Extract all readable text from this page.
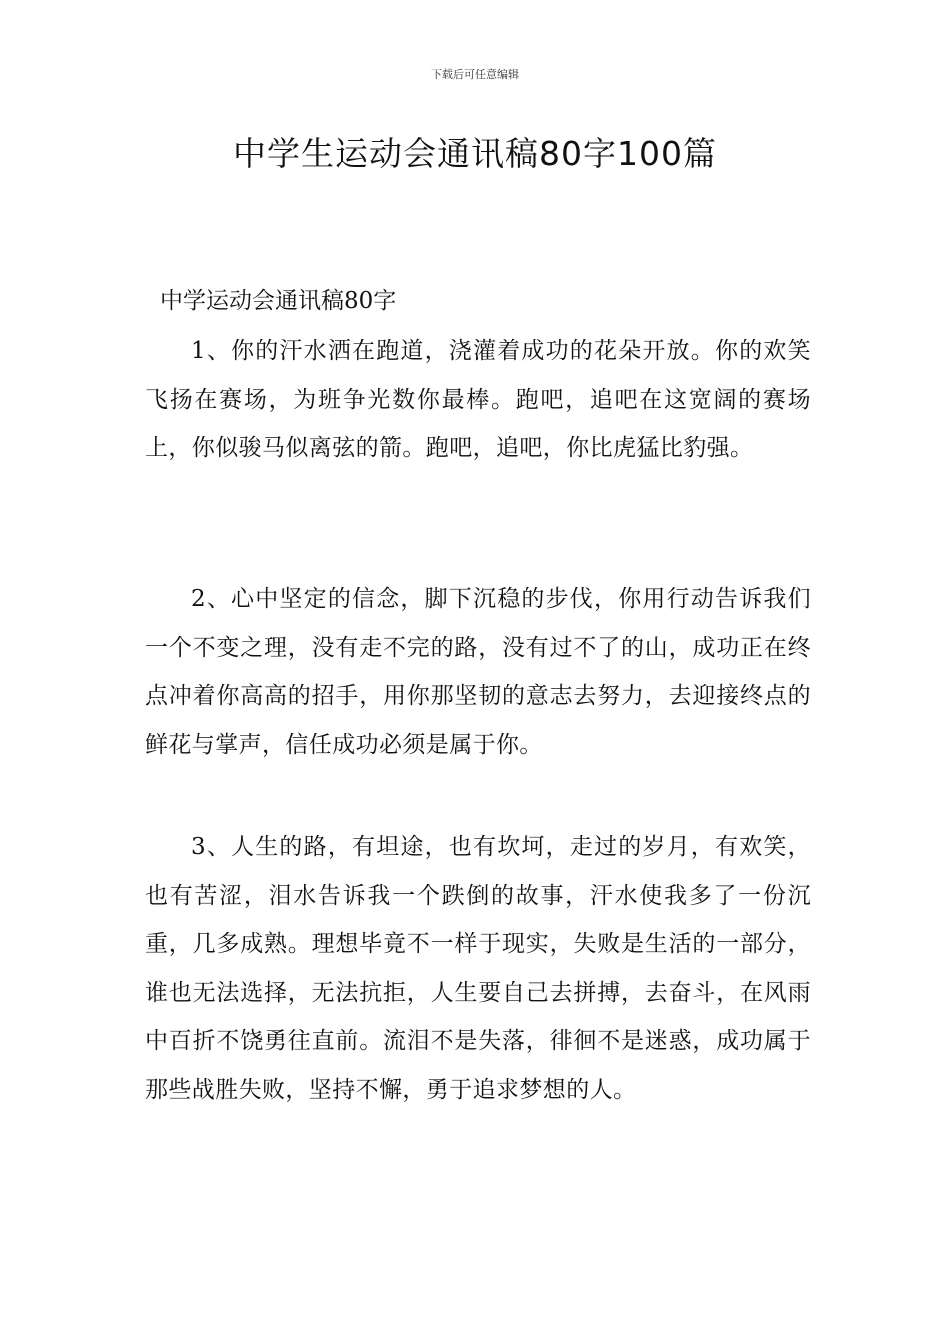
下载后可任意编辑
中学生运动会通讯稿80字100篇

中学运动会通讯稿80字

1、你的汗水洒在跑道，浇灌着成功的花朵开放。你的欢笑飞扬在赛场，为班争光数你最棒。跑吧，追吧在这宽阔的赛场上，你似骏马似离弦的箭。跑吧，追吧，你比虎猛比豹强。

2、心中坚定的信念，脚下沉稳的步伐，你用行动告诉我们一个不变之理，没有走不完的路，没有过不了的山，成功正在终点冲着你高高的招手，用你那坚韧的意志去努力，去迎接终点的鲜花与掌声，信任成功必须是属于你。

3、人生的路，有坦途，也有坎坷，走过的岁月，有欢笑，也有苦涩，泪水告诉我一个跌倒的故事，汗水使我多了一份沉重，几多成熟。理想毕竟不一样于现实，失败是生活的一部分，谁也无法选择，无法抗拒，人生要自己去拼搏，去奋斗，在风雨中百折不饶勇往直前。流泪不是失落，徘徊不是迷惑，成功属于那些战胜失败，坚持不懈，勇于追求梦想的人。
